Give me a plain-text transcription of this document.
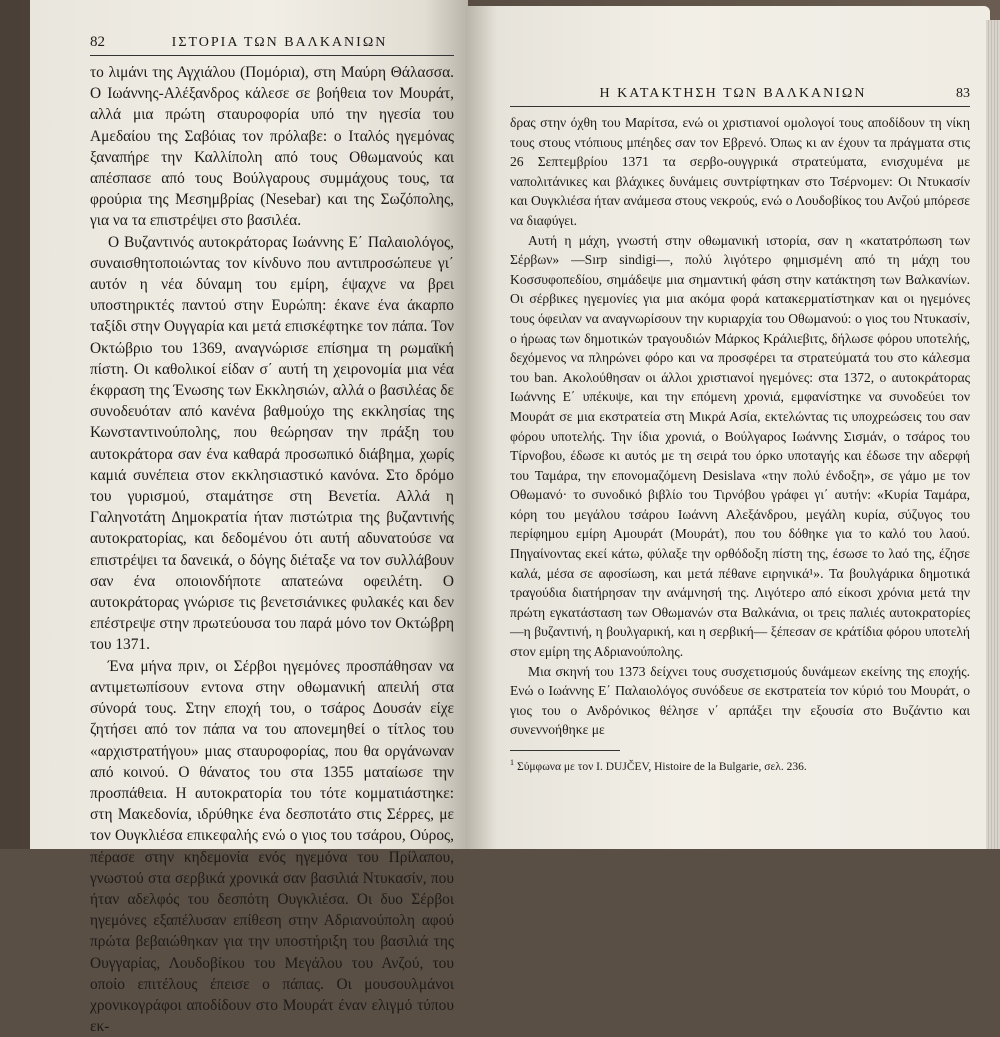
82	ΙΣΤΟΡΙΑ ΤΩΝ ΒΑΛΚΑΝΙΩΝ

το λιμάνι της Αγχιάλου (Πομόρια), στη Μαύρη Θάλασσα. Ο Ιωάννης-Αλέξανδρος κάλεσε σε βοήθεια τον Μουράτ, αλλά μια πρώτη σταυροφορία υπό την ηγεσία του Αμεδαίου της Σαβόιας τον πρόλαβε: ο Ιταλός ηγεμόνας ξαναπήρε την Καλλίπολη από τους Οθωμανούς και απέσπασε από τους Βούλγαρους συμμάχους τους, τα φρούρια της Μεσημβρίας (Nesebar) και της Σωζόπολης, για να τα επιστρέψει στο βασιλέα.

Ο Βυζαντινός αυτοκράτορας Ιωάννης Ε΄ Παλαιολόγος, συναισθητοποιώντας τον κίνδυνο που αντιπροσώπευε γι΄ αυτόν η νέα δύναμη του εμίρη, έψαχνε να βρει υποστηρικτές παντού στην Ευρώπη: έκανε ένα άκαρπο ταξίδι στην Ουγγαρία και μετά επισκέφτηκε τον πάπα. Τον Οκτώβριο του 1369, αναγνώρισε επίσημα τη ρωμαϊκή πίστη. Οι καθολικοί είδαν σ΄ αυτή τη χειρονομία μια νέα έκφραση της Ένωσης των Εκκλησιών, αλλά ο βασιλέας δε συνοδευόταν από κανένα βαθμούχο της εκκλησίας της Κωνσταντινούπολης, που θεώρησαν την πράξη του αυτοκράτορα σαν ένα καθαρά προσωπικό διάβημα, χωρίς καμιά συνέπεια στον εκκλησιαστικό κανόνα. Στο δρόμο του γυρισμού, σταμάτησε στη Βενετία. Αλλά η Γαληνοτάτη Δημοκρατία ήταν πιστώτρια της βυζαντινής αυτοκρατορίας, και δεδομένου ότι αυτή αδυνατούσε να επιστρέψει τα δανεικά, ο δόγης διέταξε να τον συλλάβουν σαν ένα οποιονδήποτε απατεώνα οφειλέτη. Ο αυτοκράτορας γνώρισε τις βενετσιάνικες φυλακές και δεν επέστρεψε στην πρωτεύουσα του παρά μόνο τον Οκτώβρη του 1371.

Ένα μήνα πριν, οι Σέρβοι ηγεμόνες προσπάθησαν να αντιμετωπίσουν εντονα στην οθωμανική απειλή στα σύνορά τους. Στην εποχή του, ο τσάρος Δουσάν είχε ζητήσει από τον πάπα να του απονεμηθεί ο τίτλος του «αρχιστρατήγου» μιας σταυροφορίας, που θα οργάνωναν από κοινού. Ο θάνατος του στα 1355 ματαίωσε την προσπάθεια. Η αυτοκρατορία του τότε κομματιάστηκε: στη Μακεδονία, ιδρύθηκε ένα δεσποτάτο στις Σέρρες, με τον Ουγκλιέσα επικεφαλής ενώ ο γιος του τσάρου, Ούρος, πέρασε στην κηδεμονία ενός ηγεμόνα του Πρίλαπου, γνωστού στα σερβικά χρονικά σαν βασιλιά Ντυκασίν, που ήταν αδελφός του δεσπότη Ουγκλιέσα. Οι δυο Σέρβοι ηγεμόνες εξαπέλυσαν επίθεση στην Αδριανούπολη αφού πρώτα βεβαιώθηκαν για την υποστήριξη του βασιλιά της Ουγγαρίας, Λουδοβίκου του Μεγάλου του Ανζού, του οποίο επιτέλους έπεισε ο πάπας. Οι μουσουλμάνοι χρονικογράφοι αποδίδουν στο Μουράτ έναν ελιγμό τύπου εκ-

Η ΚΑΤΑΚΤΗΣΗ ΤΩΝ ΒΑΛΚΑΝΙΩΝ	83

δρας στην όχθη του Μαρίτσα, ενώ οι χριστιανοί ομολογοί τους αποδίδουν τη νίκη τους στους ντόπιους μπέηδες σαν τον Εβρενό. Όπως κι αν έχουν τα πράγματα στις 26 Σεπτεμβρίου 1371 τα σερβο-ουγγρικά στρατεύματα, ενισχυμένα με ναπολιτάνικες και βλάχικες δυνάμεις συντρίφτηκαν στο Τσέρνομεν: Οι Ντυκασίν και Ουγκλιέσα ήταν ανάμεσα στους νεκρούς, ενώ ο Λουδοβίκος του Ανζού μπόρεσε να διαφύγει.

Αυτή η μάχη, γνωστή στην οθωμανική ιστορία, σαν η «κατατρόπωση των Σέρβων» —Sırp sindigi—, πολύ λιγότερο φημισμένη από τη μάχη του Κοσσυφοπεδίου, σημάδεψε μια σημαντική φάση στην κατάκτηση των Βαλκανίων. Οι σέρβικες ηγεμονίες για μια ακόμα φορά κατακερματίστηκαν και οι ηγεμόνες τους όφειλαν να αναγνωρίσουν την κυριαρχία του Οθωμανού: ο γιος του Ντυκασίν, ο ήρωας των δημοτικών τραγουδιών Μάρκος Κράλιεβιτς, δήλωσε φόρου υποτελής, δεχόμενος να πληρώνει φόρο και να προσφέρει τα στρατεύματά του στο κάλεσμα του ban. Ακολούθησαν οι άλλοι χριστιανοί ηγεμόνες: στα 1372, ο αυτοκράτορας Ιωάννης Ε΄ υπέκυψε, και την επόμενη χρονιά, εμφανίστηκε να συνοδεύει τον Μουράτ σε μια εκστρατεία στη Μικρά Ασία, εκτελώντας τις υποχρεώσεις του σαν φόρου υποτελής. Την ίδια χρονιά, ο Βούλγαρος Ιωάννης Σισμάν, ο τσάρος του Τίρνοβου, έδωσε κι αυτός με τη σειρά του όρκο υποταγής και έδωσε την αδερφή του Ταμάρα, την επονομαζόμενη Desislava «την πολύ ένδοξη», σε γάμο με τον Οθωμανό· το συνοδικό βιβλίο του Τιρνόβου γράφει γι΄ αυτήν: «Κυρία Ταμάρα, κόρη του μεγάλου τσάρου Ιωάννη Αλεξάνδρου, μεγάλη κυρία, σύζυγος του περίφημου εμίρη Αμουράτ (Μουράτ), που του δόθηκε για το καλό του λαού. Πηγαίνοντας εκεί κάτω, φύλαξε την ορθόδοξη πίστη της, έσωσε το λαό της, έζησε καλά, μέσα σε αφοσίωση, και μετά πέθανε ειρηνικά¹». Τα βουλγάρικα δημοτικά τραγούδια διατήρησαν την ανάμνησή της. Λιγότερο από είκοσι χρόνια μετά την πρώτη εγκατάσταση των Οθωμανών στα Βαλκάνια, οι τρεις παλιές αυτοκρατορίες —η βυζαντινή, η βουλγαρική, και η σερβική— ξέπεσαν σε κράτίδια φόρου υποτελή στον εμίρη της Αδριανούπολης.

Μια σκηνή του 1373 δείχνει τους συσχετισμούς δυνάμεων εκείνης της εποχής. Ενώ ο Ιωάννης Ε΄ Παλαιολόγος συνόδευε σε εκστρατεία τον κύριό του Μουράτ, ο γιος του ο Ανδρόνικος θέλησε ν΄ αρπάξει την εξουσία στο Βυζάντιο και συνεννοήθηκε με

$^1$ Σύμφωνα με τον Ι. DUJČEV, Histoire de la Bulgarie, σελ. 236.
